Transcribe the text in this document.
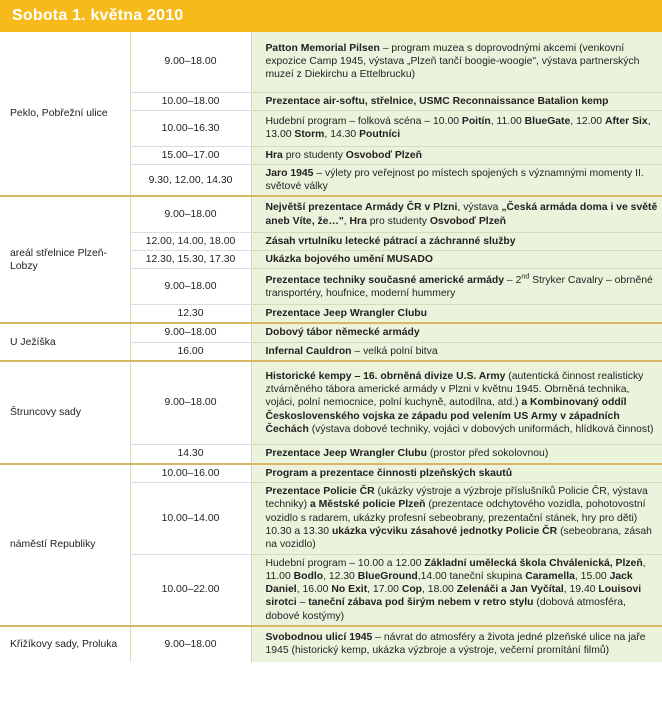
Sobota 1. května 2010
Peklo, Pobřežní ulice	9.00–18.00	Patton Memorial Pilsen – program muzea s doprovodnými akcemi (venkovní expozice Camp 1945, výstava „Plzeň tančí boogie-woogie", výstava partnerských muzeí z Diekirchu a Ettelbrucku)
	10.00–18.00	Prezentace air-softu, střelnice, USMC Reconnaissance Batalion kemp
	10.00–16.30	Hudební program – folková scéna – 10.00 Poitín, 11.00 BlueGate, 12.00 After Six, 13.00 Storm, 14.30 Poutníci
	15.00–17.00	Hra pro studenty Osvoboď Plzeň
	9.30, 12.00, 14.30	Jaro 1945 – výlety pro veřejnost po místech spojených s významnými momenty II. světové války
areál střelnice Plzeň-Lobzy	9.00–18.00	Největší prezentace Armády ČR v Plzni, výstava „Česká armáda doma i ve světě aneb Víte, že…", Hra pro studenty Osvoboď Plzeň
	12.00, 14.00, 18.00	Zásah vrtulníku letecké pátrací a záchranné služby
	12.30, 15.30, 17.30	Ukázka bojového umění MUSADO
	9.00–18.00	Prezentace techniky současné americké armády – 2nd Stryker Cavalry – obrněné transportéry, houfnice, moderní hummery
	12.30	Prezentace Jeep Wrangler Clubu
U Ježíška	9.00–18.00	Dobový tábor německé armády
	16.00	Infernal Cauldron – velká polní bitva
Štruncovy sady	9.00–18.00	Historické kempy – 16. obrněná divize U.S. Army (autentická činnost realisticky ztvárněného tábora americké armády v Plzni v květnu 1945. Obrněná technika, vojáci, polní nemocnice, polní kuchyně, autodílna, atd.) a Kombinovaný oddíl Československého vojska ze západu pod velením US Army v západních Čechách (výstava dobové techniky, vojáci v dobových uniformách, hlídková činnost)
	14.30	Prezentace Jeep Wrangler Clubu (prostor před sokolovnou)
náměstí Republiky	10.00–16.00	Program a prezentace činnosti plzeňských skautů
	10.00–14.00	Prezentace Policie ČR (ukázky výstroje a výzbroje příslušníků Policie ČR, výstava techniky) a Městské policie Plzeň (prezentace odchytového vozidla, pohotovostní vozidlo s radarem, ukázky profesní sebeobrany, prezentační stánek, hry pro děti)
10.30 a 13.30 ukázka výcviku zásahové jednotky Policie ČR (sebeobrana, zásah na vozidlo)
	10.00–22.00	Hudební program – 10.00 a 12.00 Základní umělecká škola Chválenická, Plzeň, 11.00 Bodlo, 12.30 BlueGround,14.00 taneční skupina Caramella, 15.00 Jack Daniel, 16.00 No Exit, 17.00 Cop, 18.00 Zelenáči a Jan Vyčítal, 19.40 Louisovi sirotci – taneční zábava pod širým nebem v retro stylu (dobová atmosféra, dobové kostýmy)
Křižíkovy sady, Proluka	9.00–18.00	Svobodnou ulicí 1945 – návrat do atmosféry a života jedné plzeňské ulice na jaře 1945 (historický kemp, ukázka výzbroje a výstroje, večerní promítání filmů)
